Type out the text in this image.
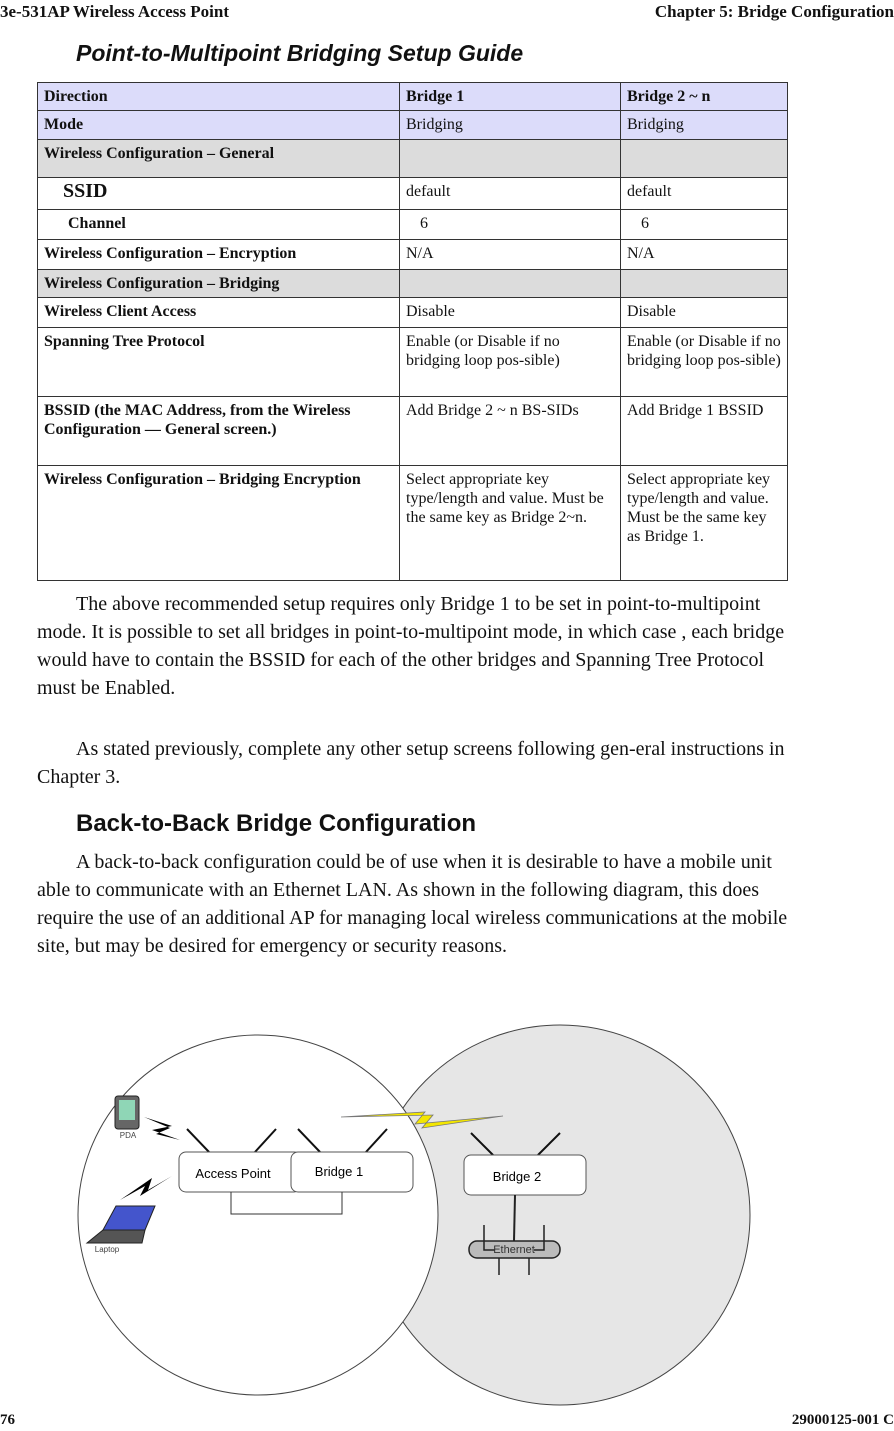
3e-531AP Wireless Access Point	Chapter 5: Bridge Configuration
Point-to-Multipoint Bridging Setup Guide
Direction	Bridge 1	Bridge 2 ~ n
Mode	Bridging	Bridging
Wireless Configuration – General		
SSID	default	default
Channel	6	6
Wireless Configuration – Encryption	N/A	N/A
Wireless Configuration – Bridging		
Wireless Client Access	Disable	Disable
Spanning Tree Protocol	Enable (or Disable if no bridging loop pos-sible)	Enable (or Disable if no bridging loop pos-sible)
BSSID (the MAC Address, from the Wireless Configuration — General screen.)	Add Bridge 2 ~ n BS-SIDs	Add Bridge 1 BSSID
Wireless Configuration – Bridging Encryption	Select appropriate key type/length and value. Must be the same key as Bridge 2~n.	Select appropriate key type/length and value. Must be the same key as Bridge 1.
The above recommended setup requires only Bridge 1 to be set in point-to-multipoint mode. It is possible to set all bridges in point-to-multipoint mode, in which case , each bridge would have to contain the BSSID for each of the other bridges and Spanning Tree Protocol must be Enabled.
As stated previously, complete any other setup screens following gen-eral instructions in Chapter 3.
Back-to-Back Bridge Configuration
A back-to-back configuration could be of use when it is desirable to have a mobile unit able to communicate with an Ethernet LAN. As shown in the following diagram, this does require the use of an additional AP for managing local wireless communications at the mobile site, but may be desired for emergency or security reasons.
PDA
Laptop
Access Point	Bridge 1	Bridge 2
Ethernet
76	29000125-001 C
